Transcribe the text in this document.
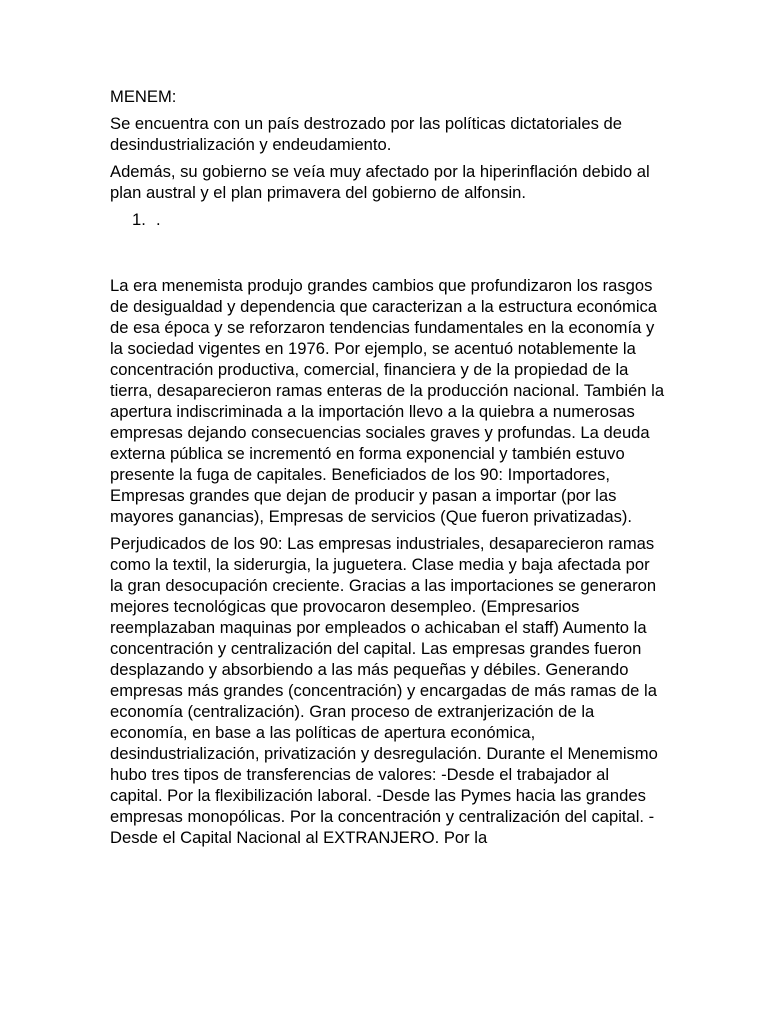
MENEM:

Se encuentra con un país destrozado por las políticas dictatoriales de desindustrialización y endeudamiento.

Además, su gobierno se veía muy afectado por la hiperinflación debido al plan austral y el plan primavera del gobierno de alfonsin.

1. .

La era menemista produjo grandes cambios que profundizaron los rasgos de desigualdad y dependencia que caracterizan a la estructura económica de esa época y se reforzaron tendencias fundamentales en la economía y la sociedad vigentes en 1976. Por ejemplo, se acentuó notablemente la concentración productiva, comercial, financiera y de la propiedad de la tierra, desaparecieron ramas enteras de la producción nacional. También la apertura indiscriminada a la importación llevo a la quiebra a numerosas empresas dejando consecuencias sociales graves y profundas. La deuda externa pública se incrementó en forma exponencial y también estuvo presente la fuga de capitales. Beneficiados de los 90: Importadores, Empresas grandes que dejan de producir y pasan a importar (por las mayores ganancias), Empresas de servicios (Que fueron privatizadas).

Perjudicados de los 90: Las empresas industriales, desaparecieron ramas como la textil, la siderurgia, la juguetera. Clase media y baja afectada por la gran desocupación creciente. Gracias a las importaciones se generaron mejores tecnológicas que provocaron desempleo. (Empresarios reemplazaban maquinas por empleados o achicaban el staff) Aumento la concentración y centralización del capital. Las empresas grandes fueron desplazando y absorbiendo a las más pequeñas y débiles. Generando empresas más grandes (concentración) y encargadas de más ramas de la economía (centralización). Gran proceso de extranjerización de la economía, en base a las políticas de apertura económica, desindustrialización, privatización y desregulación. Durante el Menemismo hubo tres tipos de transferencias de valores: -Desde el trabajador al capital. Por la flexibilización laboral. -Desde las Pymes hacia las grandes empresas monopólicas. Por la concentración y centralización del capital. -Desde el Capital Nacional al EXTRANJERO. Por la
